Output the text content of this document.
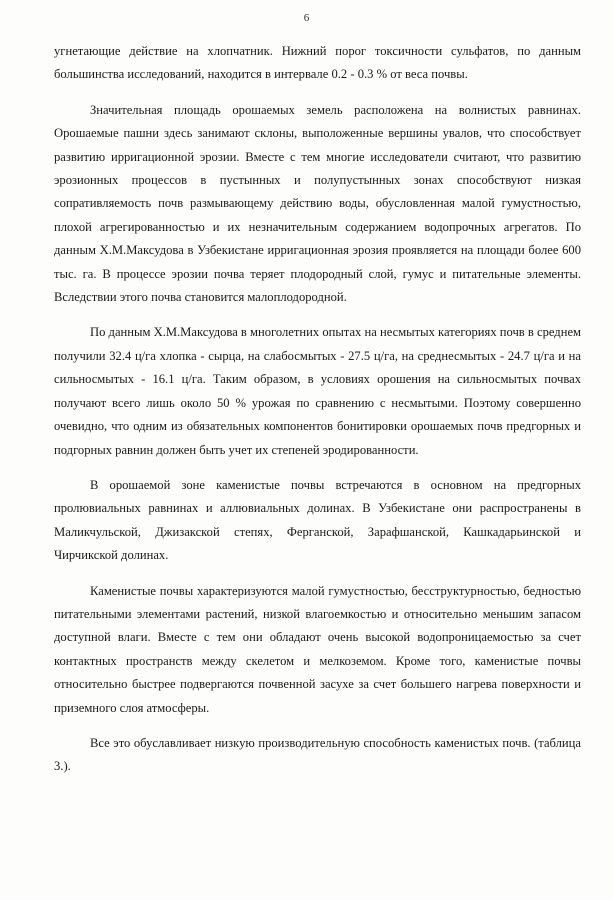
6

угнетающие действие на хлопчатник. Нижний порог токсичности сульфатов, по данным большинства исследований, находится в интервале 0.2 - 0.3 % от веса почвы.

Значительная площадь орошаемых земель расположена на волнистых равнинах. Орошаемые пашни здесь занимают склоны, выположенные вершины увалов, что способствует развитию ирригационной эрозии. Вместе с тем многие исследователи считают, что развитию эрозионных процессов в пустынных и полупустынных зонах способствуют низкая сопративляемость почв размывающему действию воды, обусловленная малой гумустностью, плохой агрегированностью и их незначительным содержанием водопрочных агрегатов. По данным Х.М.Максудова в Узбекистане ирригационная эрозия проявляется на площади более 600 тыс. га. В процессе эрозии почва теряет плодородный слой, гумус и питательные элементы. Вследствии этого почва становится малоплодородной.

По данным Х.М.Максудова в многолетних опытах на несмытых категориях почв в среднем получили 32.4 ц/га хлопка - сырца, на слабосмытых - 27.5 ц/га, на среднесмытых - 24.7 ц/га и на сильносмытых - 16.1 ц/га. Таким образом, в условиях орошения на сильносмытых почвах получают всего лишь около 50 % урожая по сравнению с несмытыми. Поэтому совершенно очевидно, что одним из обязательных компонентов бонитировки орошаемых почв предгорных и подгорных равнин должен быть учет их степеней эродированности.

В орошаемой зоне каменистые почвы встречаются в основном на предгорных пролювиальных равнинах и аллювиальных долинах. В Узбекистане они распространены в Маликчульской, Джизакской степях, Ферганской, Зарафшанской, Кашкадарьинской и Чирчикской долинах.

Каменистые почвы характеризуются малой гумустностью, бесструктурностью, бедностью питательными элементами растений, низкой влагоемкостью и относительно меньшим запасом доступной влаги. Вместе с тем они обладают очень высокой водопроницаемостью за счет контактных пространств между скелетом и мелкоземом. Кроме того, каменистые почвы относительно быстрее подвергаются почвенной засухе за счет большего нагрева поверхности и приземного слоя атмосферы.

Все это обуславливает низкую производительную способность каменистых почв. (таблица 3.).
